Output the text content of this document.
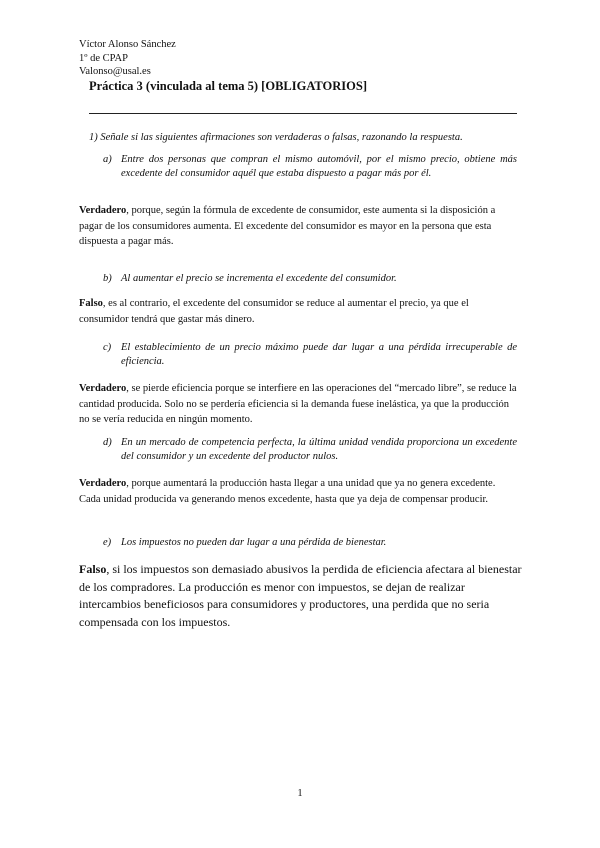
Víctor Alonso Sánchez
1º de CPAP
Valonso@usal.es
Práctica 3 (vinculada al tema 5) [OBLIGATORIOS]
1) Señale si las siguientes afirmaciones son verdaderas o falsas, razonando la respuesta.
a) Entre dos personas que compran el mismo automóvil, por el mismo precio, obtiene más excedente del consumidor aquél que estaba dispuesto a pagar más por él.
Verdadero, porque, según la fórmula de excedente de consumidor, este aumenta si la disposición a pagar de los consumidores aumenta. El excedente del consumidor es mayor en la persona que esta dispuesta a pagar más.
b) Al aumentar el precio se incrementa el excedente del consumidor.
Falso, es al contrario, el excedente del consumidor se reduce al aumentar el precio, ya que el consumidor tendrá que gastar más dinero.
c) El establecimiento de un precio máximo puede dar lugar a una pérdida irrecuperable de eficiencia.
Verdadero, se pierde eficiencia porque se interfiere en las operaciones del “mercado libre”, se reduce la cantidad producida. Solo no se perdería eficiencia si la demanda fuese inelástica, ya que la producción no se vería reducida en ningún momento.
d) En un mercado de competencia perfecta, la última unidad vendida proporciona un excedente del consumidor y un excedente del productor nulos.
Verdadero, porque aumentará la producción hasta llegar a una unidad que ya no genera excedente. Cada unidad producida va generando menos excedente, hasta que ya deja de compensar producir.
e) Los impuestos no pueden dar lugar a una pérdida de bienestar.
Falso, si los impuestos son demasiado abusivos la perdida de eficiencia afectara al bienestar de los compradores. La producción es menor con impuestos, se dejan de realizar intercambios beneficiosos para consumidores y productores, una perdida que no seria compensada con los impuestos.
1
